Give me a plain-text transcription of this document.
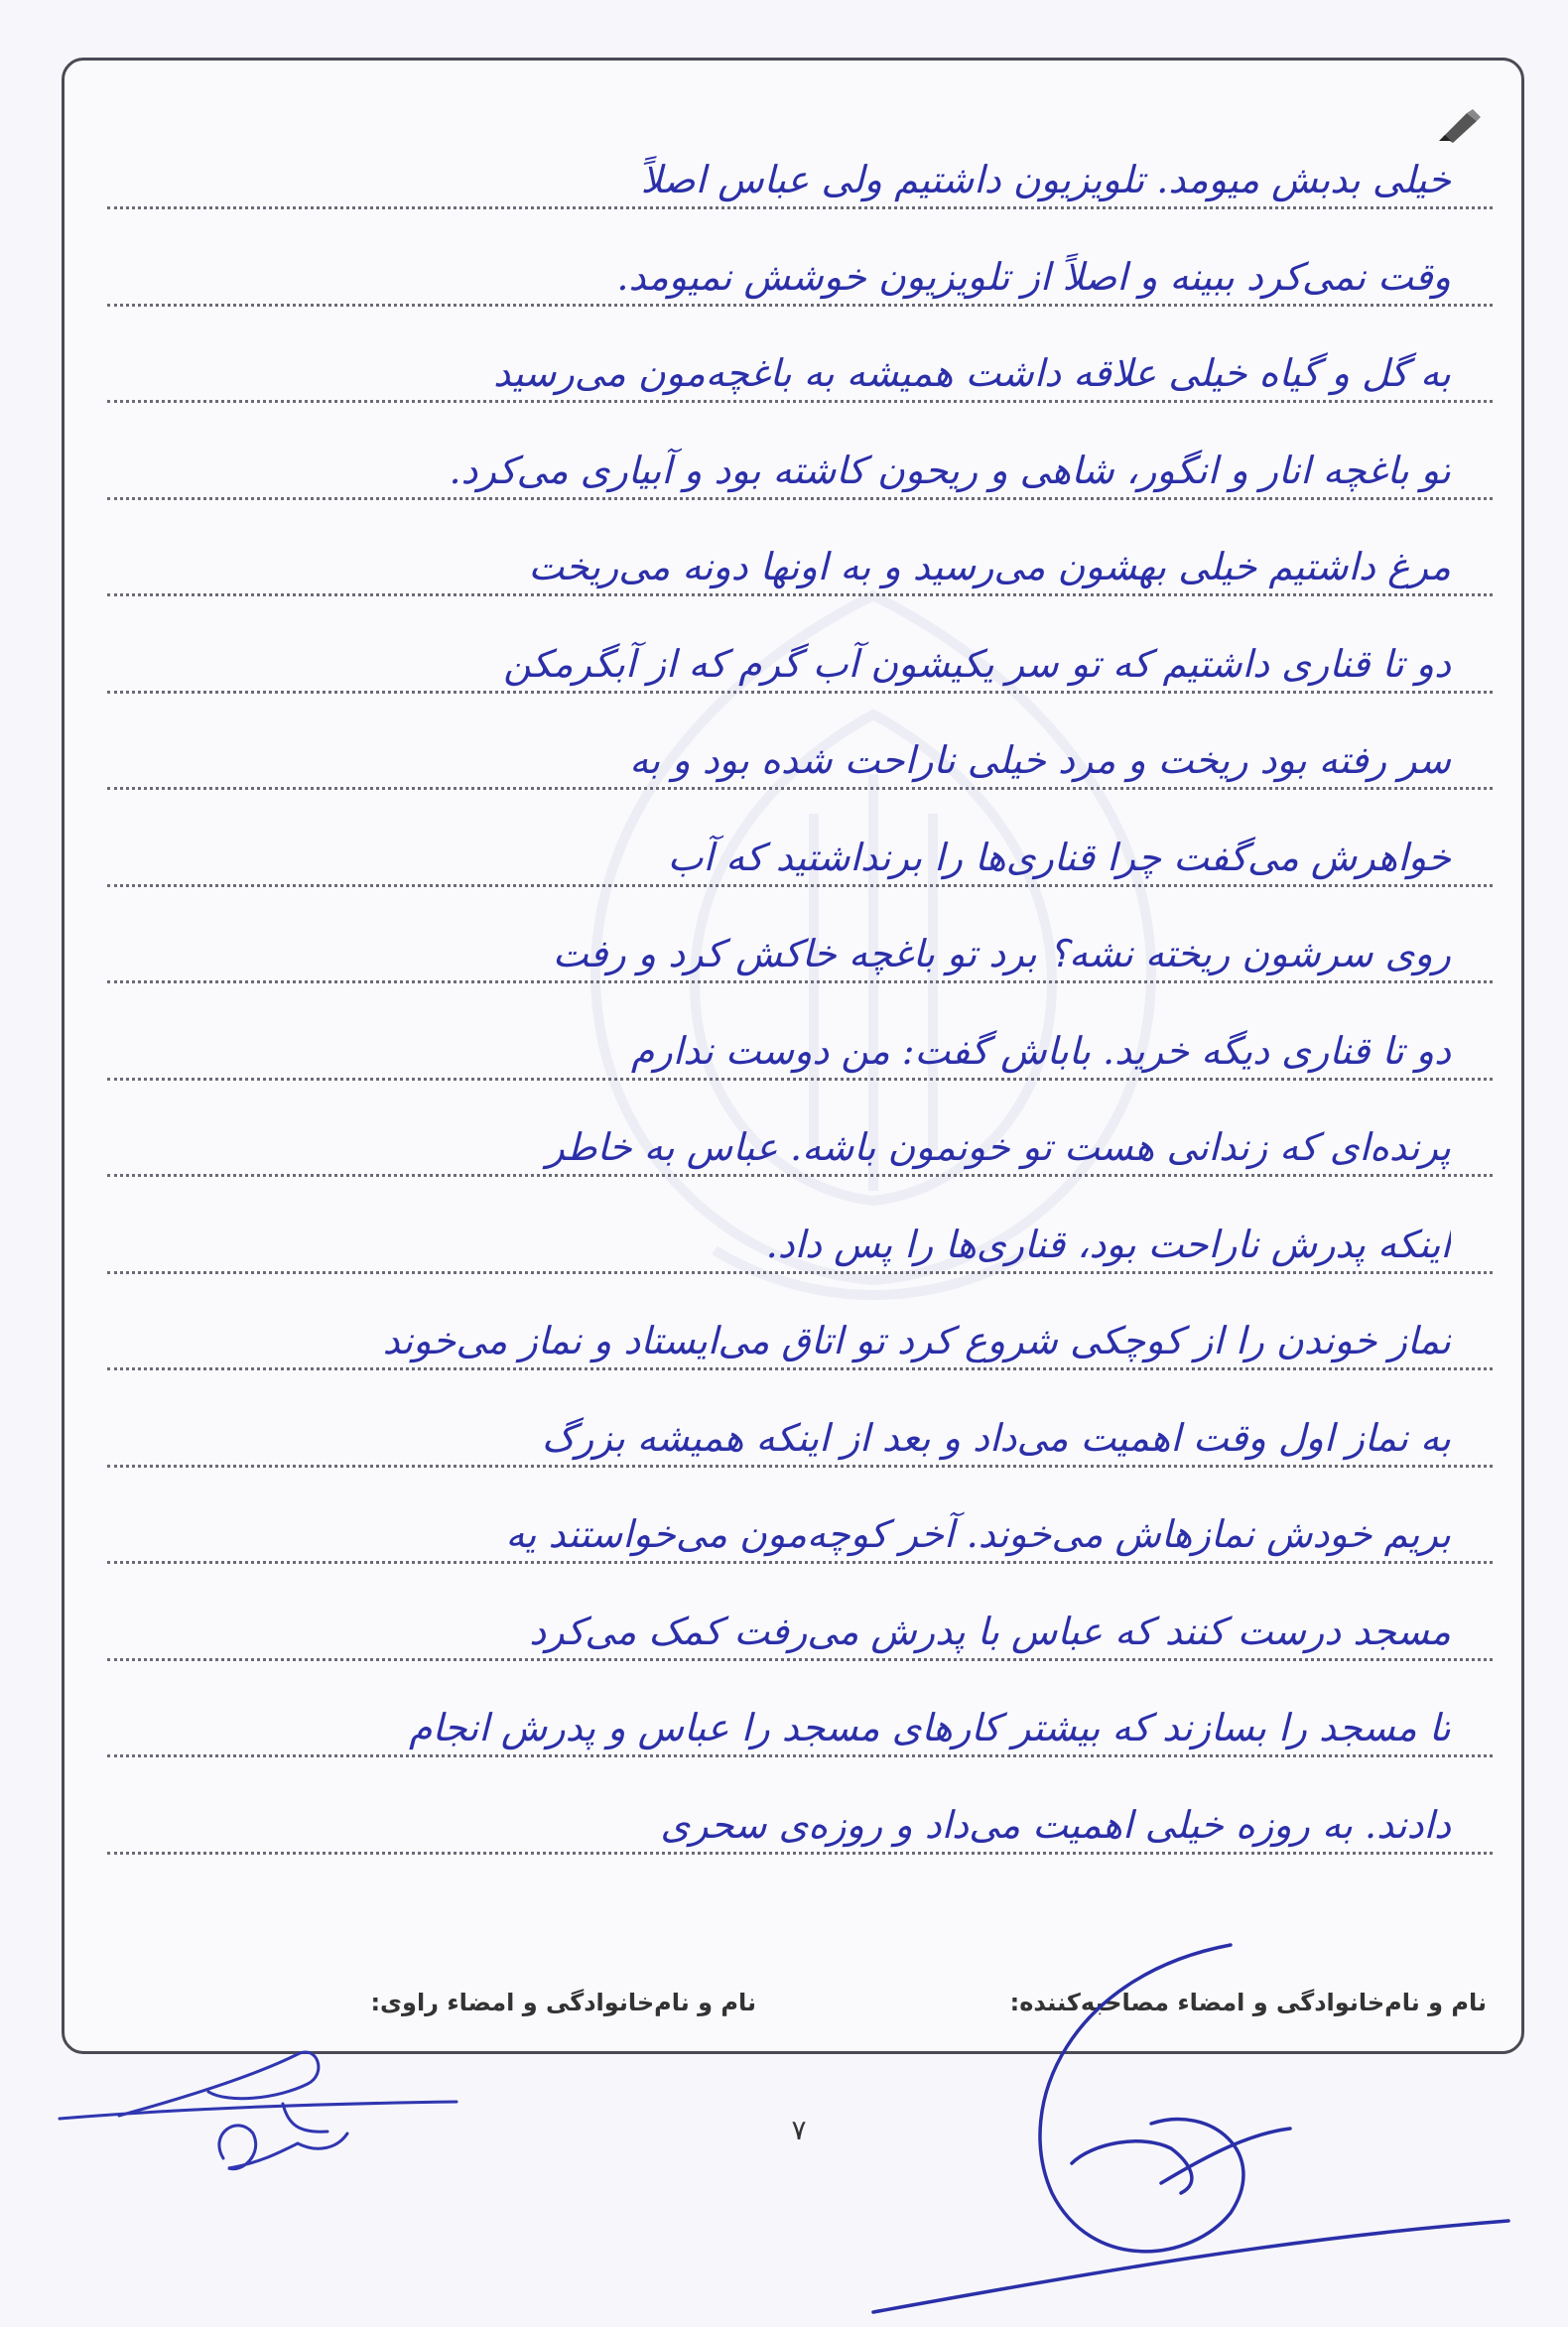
خیلی بدبش میومد. تلویزیون داشتیم ولی عباس اصلاً
وقت نمی‌کرد ببینه و اصلاً از تلویزیون خوشش نمیومد.
به گل و گیاه خیلی علاقه داشت همیشه به باغچه‌مون می‌رسید
تو باغچه انار و انگور، شاهی و ریحون کاشته بود و آبیاری می‌کرد.
مرغ داشتیم خیلی بهشون می‌رسید و به اونها دونه می‌ریخت
دو تا قناری داشتیم که تو سر یکیشون آب گرم که از آبگرمکن
سر رفته بود ریخت و مرد خیلی ناراحت شده بود و به
خواهرش می‌گفت چرا قناری‌ها را برنداشتید که آب
روی سرشون ریخته نشه؟ برد تو باغچه خاکش کرد و رفت
دو تا قناری دیگه خرید. باباش گفت: من دوست ندارم
پرنده‌ای که زندانی هست تو خونمون باشه. عباس به خاطر
اینکه پدرش ناراحت بود، قناری‌ها را پس داد.
نماز خوندن را از کوچکی شروع کرد تو اتاق می‌ایستاد و نماز می‌خوند
به نماز اول وقت اهمیت می‌داد و بعد از اینکه همیشه بزرگ
بریم خودش نمازهاش می‌خوند. آخر کوچه‌مون می‌خواستند یه
مسجد درست کنند که عباس با پدرش می‌رفت کمک می‌کرد
تا مسجد را بسازند که بیشتر کارهای مسجد را عباس و پدرش انجام
دادند. به روزه خیلی اهمیت می‌داد و روزه‌ی سحری
نام و نام‌خانوادگی و امضاء مصاحبه‌کننده:
نام و نام‌خانوادگی و امضاء راوی:
۷
